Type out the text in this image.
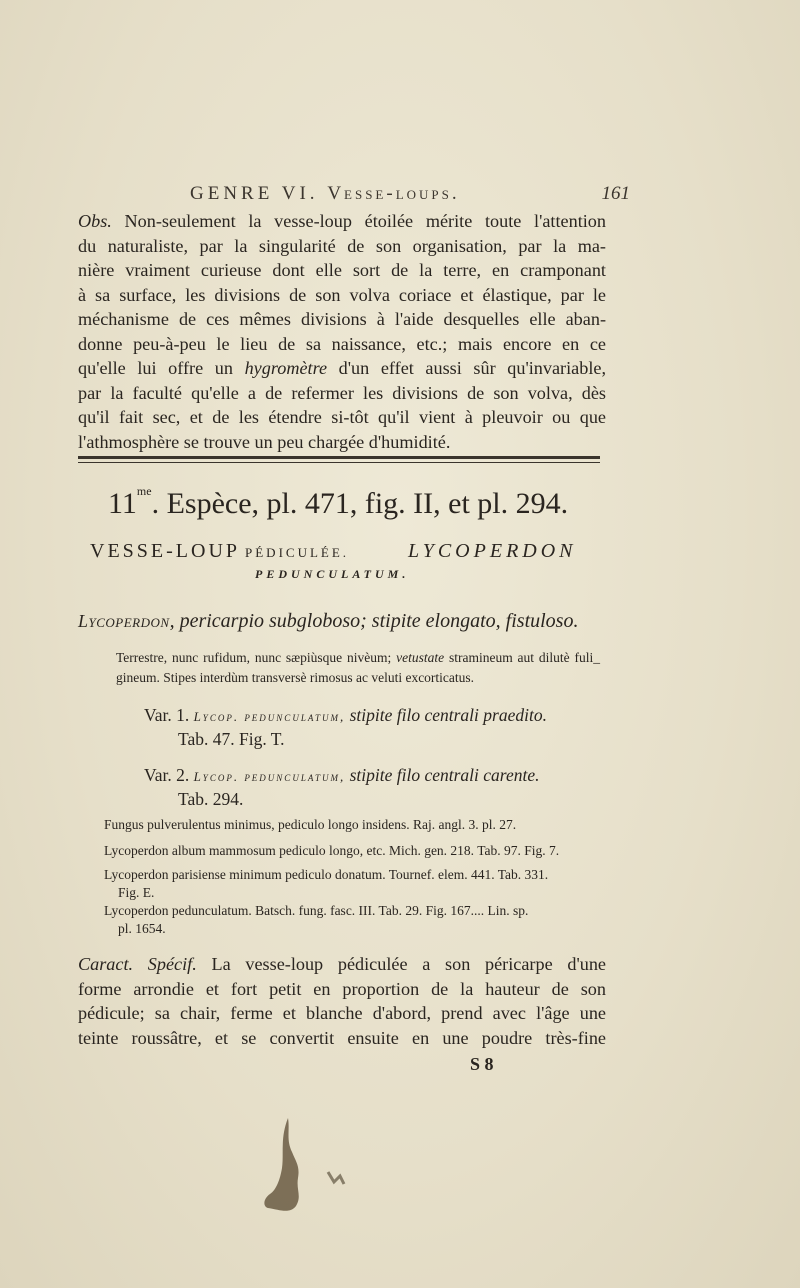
GENRE VI. Vesse-loups.	161
Obs. Non-seulement la vesse-loup étoilée mérite toute l'attention
du naturaliste, par la singularité de son organisation, par la ma-
nière vraiment curieuse dont elle sort de la terre, en cramponant
à sa surface, les divisions de son volva coriace et élastique, par le
méchanisme de ces mêmes divisions à l'aide desquelles elle aban-
donne peu-à-peu le lieu de sa naissance, etc.; mais encore en ce
qu'elle lui offre un hygromètre d'un effet aussi sûr qu'invariable,
par la faculté qu'elle a de refermer les divisions de son volva, dès
qu'il fait sec, et de les étendre si-tôt qu'il vient à pleuvoir ou que
l'athmosphère se trouve un peu chargée d'humidité.
$11^{me}$. Espèce, pl. 471, fig. II, et pl. 294.
VESSE-LOUP PÉDICULÉE.	LYCOPERDON
PEDUNCULATUM.
Lycoperdon, pericarpio subgloboso; stipite elongato, fistuloso.
Terrestre, nunc rufidum, nunc sæpiùsque nivèum; vetustate stramineum aut dilutè fuli_
gineum. Stipes interdùm transversè rimosus ac veluti excorticatus.
Var. 1. Lycop. pedunculatum, stipite filo centrali praedito.
Tab. 47. Fig. T.
Var. 2. Lycop. pedunculatum, stipite filo centrali carente.
Tab. 294.
Fungus pulverulentus minimus, pediculo longo insidens. Raj. angl. 3. pl. 27.
Lycoperdon album mammosum pediculo longo, etc. Mich. gen. 218. Tab. 97. Fig. 7.
Lycoperdon parisiense minimum pediculo donatum. Tournef. elem. 441. Tab. 331.
Fig. E.
Lycoperdon pedunculatum. Batsch. fung. fasc. III. Tab. 29. Fig. 167.... Lin. sp.
pl. 1654.
Caract. Spécif. La vesse-loup pédiculée a son péricarpe d'une
forme arrondie et fort petit en proportion de la hauteur de son
pédicule; sa chair, ferme et blanche d'abord, prend avec l'âge une
teinte roussâtre, et se convertit ensuite en une poudre très-fine
S 8
